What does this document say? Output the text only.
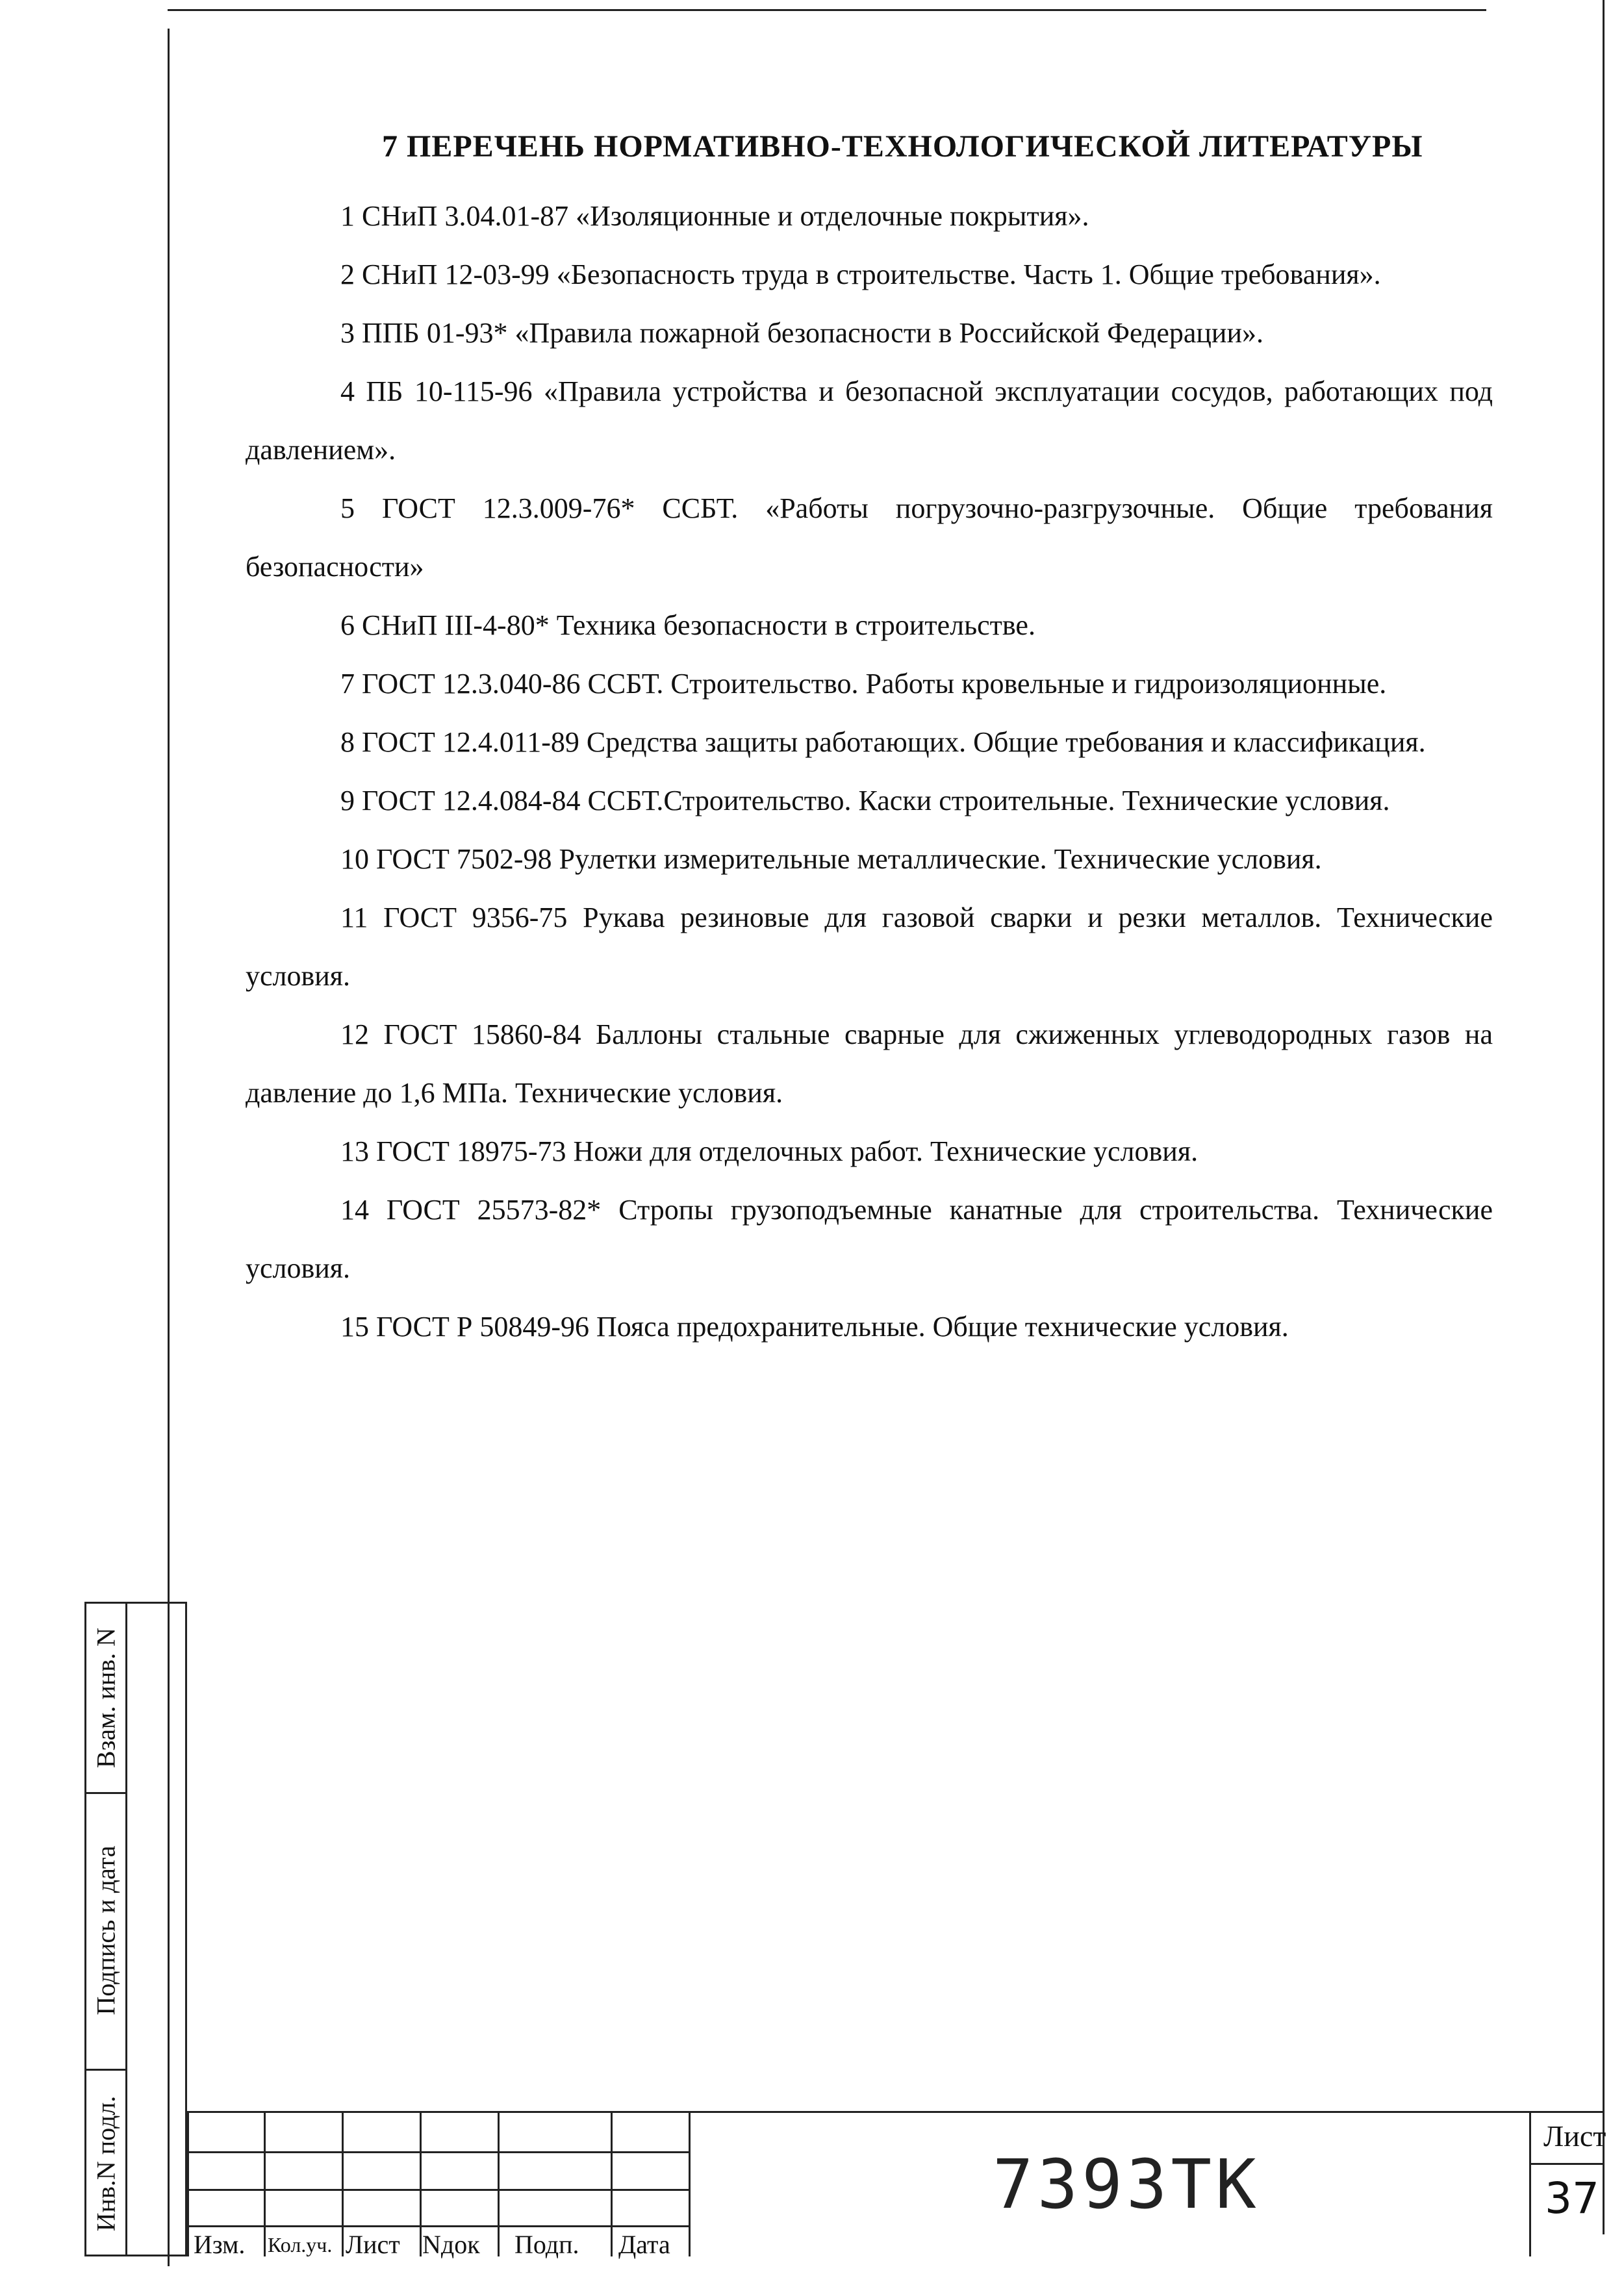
7 ПЕРЕЧЕНЬ НОРМАТИВНО-ТЕХНОЛОГИЧЕСКОЙ ЛИТЕРАТУРЫ
1 СНиП 3.04.01-87 «Изоляционные и отделочные покрытия».
2 СНиП 12-03-99 «Безопасность труда в строительстве. Часть 1. Общие требования».
3 ППБ 01-93* «Правила пожарной безопасности в Российской Федерации».
4 ПБ 10-115-96 «Правила устройства и безопасной эксплуатации сосудов, работающих под давлением».
5 ГОСТ 12.3.009-76* ССБТ. «Работы погрузочно-разгрузочные. Общие требования безопасности»
6 СНиП III-4-80* Техника безопасности в строительстве.
7 ГОСТ 12.3.040-86 ССБТ. Строительство. Работы кровельные и гидроизоляционные.
8 ГОСТ 12.4.011-89 Средства защиты работающих. Общие требования и классификация.
9 ГОСТ 12.4.084-84 ССБТ.Строительство. Каски строительные. Технические условия.
10 ГОСТ 7502-98 Рулетки измерительные металлические. Технические условия.
11 ГОСТ 9356-75 Рукава резиновые для газовой сварки и резки металлов. Технические условия.
12 ГОСТ 15860-84 Баллоны стальные сварные для сжиженных углеводородных газов на давление до 1,6 МПа. Технические условия.
13 ГОСТ 18975-73 Ножи для отделочных работ. Технические условия.
14 ГОСТ 25573-82* Стропы грузоподъемные канатные для строительства. Технические условия.
15 ГОСТ Р 50849-96 Пояса предохранительные. Общие технические условия.
Взам. инв. N
Подпись и дата
Инв.N подл.
Изм. Кол.уч. Лист Nдок Подп. Дата
7393ТК
Лист
37
